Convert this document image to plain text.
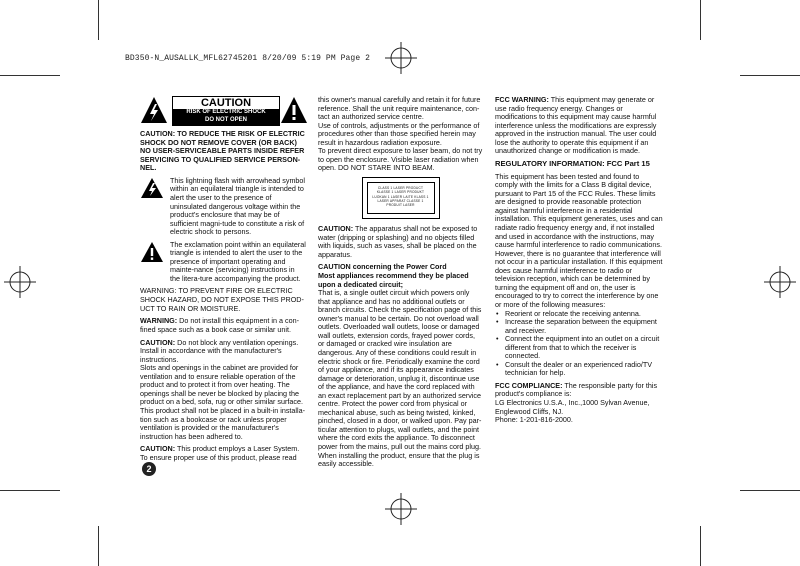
BD350-N_AUSALLK_MFL62745201 8/20/09 5:19 PM Page 2
CAUTION
RISK OF ELECTRIC SHOCK
DO NOT OPEN

CAUTION: TO REDUCE THE RISK OF ELECTRIC SHOCK DO NOT REMOVE COVER (OR BACK) NO USER-SERVICEABLE PARTS INSIDE REFER SERVICING TO QUALIFIED SERVICE PERSON-NEL.

This lightning flash with arrowhead symbol within an equilateral triangle is intended to alert the user to the presence of uninsulated dangerous voltage within the product's enclosure that may be of sufficient magni-tude to constitute a risk of electric shock to persons.
The exclamation point within an equilateral triangle is intended to alert the user to the presence of important operating and mainte-nance (servicing) instructions in the litera-ture accompanying the product.

WARNING: TO PREVENT FIRE OR ELECTRIC SHOCK HAZARD, DO NOT EXPOSE THIS PROD-UCT TO RAIN OR MOISTURE.

WARNING: Do not install this equipment in a con-fined space such as a book case or similar unit.

CAUTION: Do not block any ventilation openings. Install in accordance with the manufacturer's instructions.

Slots and openings in the cabinet are provided for ventilation and to ensure reliable operation of the product and to protect it from over heating. The openings shall be never be blocked by placing the product on a bed, sofa, rug or other similar surface. This product shall not be placed in a built-in installa-tion such as a bookcase or rack unless proper ventilation is provided or the manufacturer's instruction has been adhered to.

CAUTION: This product employs a Laser System. To ensure proper use of this product, please read

2

this owner's manual carefully and retain it for future reference. Shall the unit require maintenance, con-tact an authorized service centre.

Use of controls, adjustments or the performance of procedures other than those specified herein may result in hazardous radiation exposure.

To prevent direct exposure to laser beam, do not try to open the enclosure. Visible laser radiation when open. DO NOT STARE INTO BEAM.

CLASS 1 LASER PRODUCT KLASSE 1 LASER PRODUKT LUOKAN 1 LASER LAITE KLASS 1 LASER APPARAT CLASSE 1 PRODUIT LASER

CAUTION: The apparatus shall not be exposed to water (dripping or splashing) and no objects filled with liquids, such as vases, shall be placed on the apparatus.

CAUTION concerning the Power Cord

Most appliances recommend they be placed upon a dedicated circuit;

That is, a single outlet circuit which powers only that appliance and has no additional outlets or branch circuits. Check the specification page of this owner's manual to be certain. Do not overload wall outlets. Overloaded wall outlets, loose or damaged wall outlets, extension cords, frayed power cords, or damaged or cracked wire insulation are dangerous. Any of these conditions could result in electric shock or fire. Periodically examine the cord of your appliance, and if its appearance indicates damage or deterioration, unplug it, discontinue use of the appliance, and have the cord replaced with an exact replacement part by an authorized service centre. Protect the power cord from physical or mechanical abuse, such as being twisted, kinked, pinched, closed in a door, or walked upon. Pay par-ticular attention to plugs, wall outlets, and the point where the cord exits the appliance. To disconnect power from the mains, pull out the mains cord plug. When installing the product, ensure that the plug is easily accessible.

FCC WARNING: This equipment may generate or use radio frequency energy. Changes or modifications to this equipment may cause harmful interference unless the modifications are expressly approved in the instruction manual. The user could lose the authority to operate this equipment if an unauthorized change or modification is made.

REGULATORY INFORMATION: FCC Part 15

This equipment has been tested and found to comply with the limits for a Class B digital device, pursuant to Part 15 of the FCC Rules. These limits are designed to provide reasonable protection against harmful interference in a residential installation. This equipment generates, uses and can radiate radio frequency energy and, if not installed and used in accordance with the instructions, may cause harmful interference to radio communications. However, there is no guarantee that interference will not occur in a particular installation. If this equipment does cause harmful interference to radio or television reception, which can be determined by turning the equipment off and on, the user is encouraged to try to correct the interference by one or more of the following measures:

• Reorient or relocate the receiving antenna.
• Increase the separation between the equipment and receiver.
• Connect the equipment into an outlet on a circuit different from that to which the receiver is connected.
• Consult the dealer or an experienced radio/TV technician for help.

FCC COMPLIANCE: The responsible party for this product's compliance is:

LG Electronics U.S.A., Inc.,1000 Sylvan Avenue,
Englewood Cliffs, NJ.
Phone: 1-201-816-2000.
